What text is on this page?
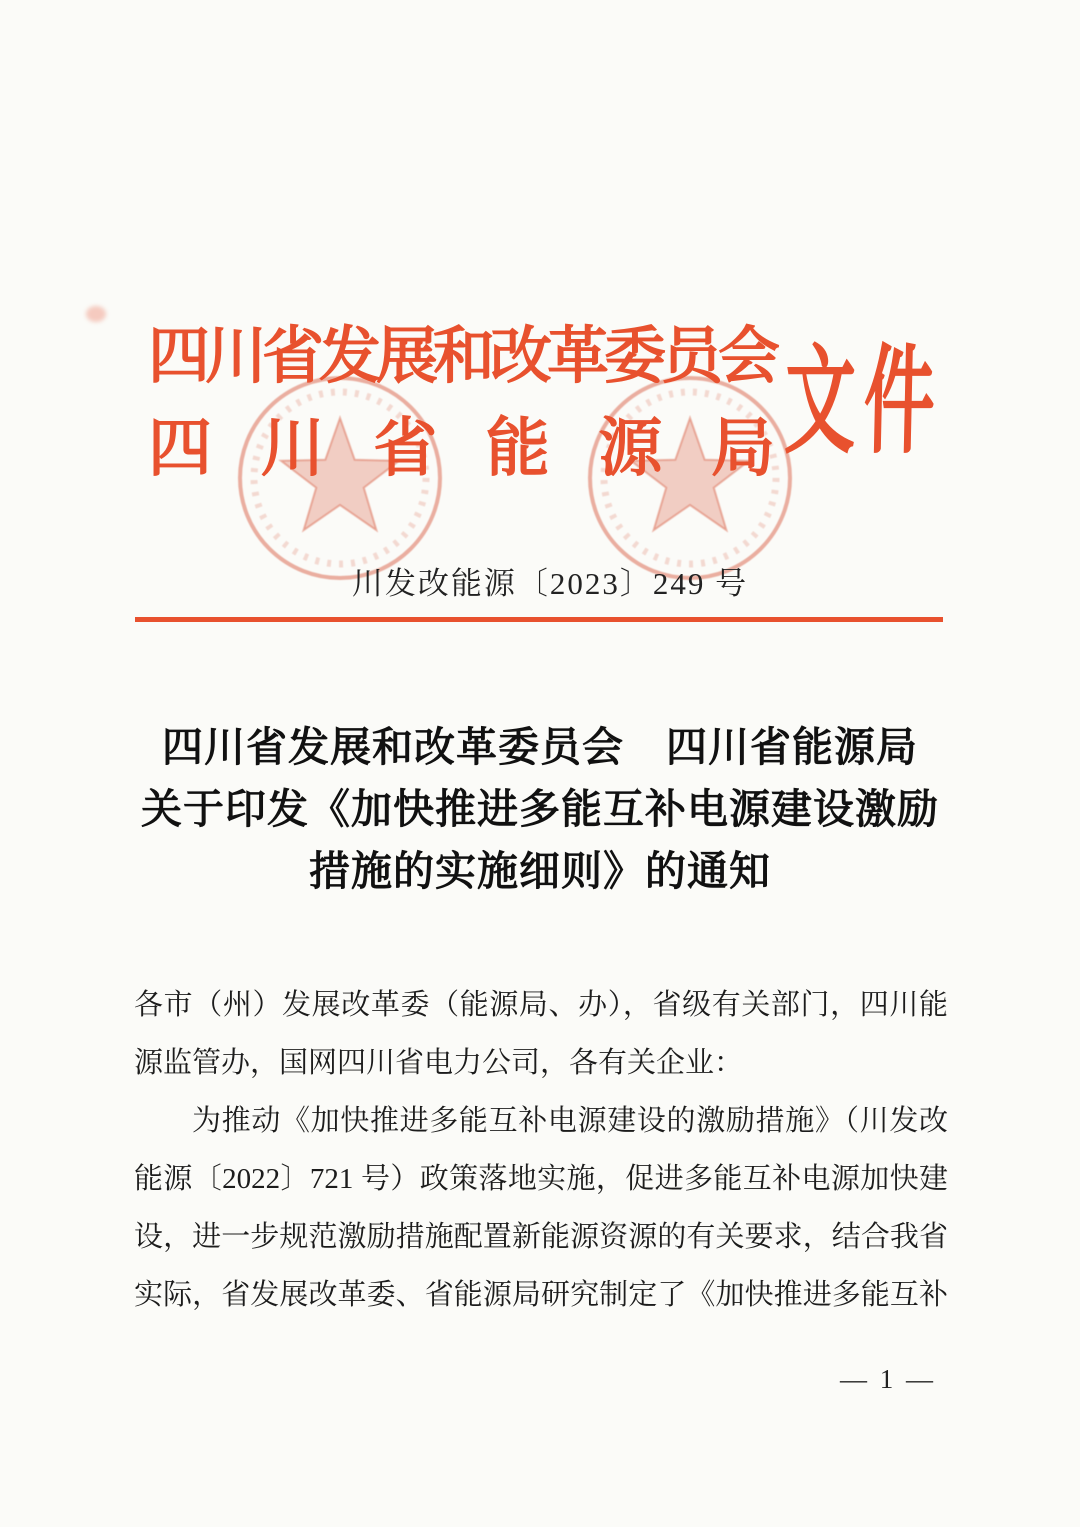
四川省发展和改革委员会
四 川 省 能 源 局 文件
川发改能源〔2023〕249 号
四川省发展和改革委员会　四川省能源局
关于印发《加快推进多能互补电源建设激励
措施的实施细则》的通知
各市（州）发展改革委（能源局、办），省级有关部门，四川能
源监管办，国网四川省电力公司，各有关企业：
为推动《加快推进多能互补电源建设的激励措施》（川发改
能源〔2022〕721 号）政策落地实施，促进多能互补电源加快建
设，进一步规范激励措施配置新能源资源的有关要求，结合我省
实际，省发展改革委、省能源局研究制定了《加快推进多能互补
— 1 —
